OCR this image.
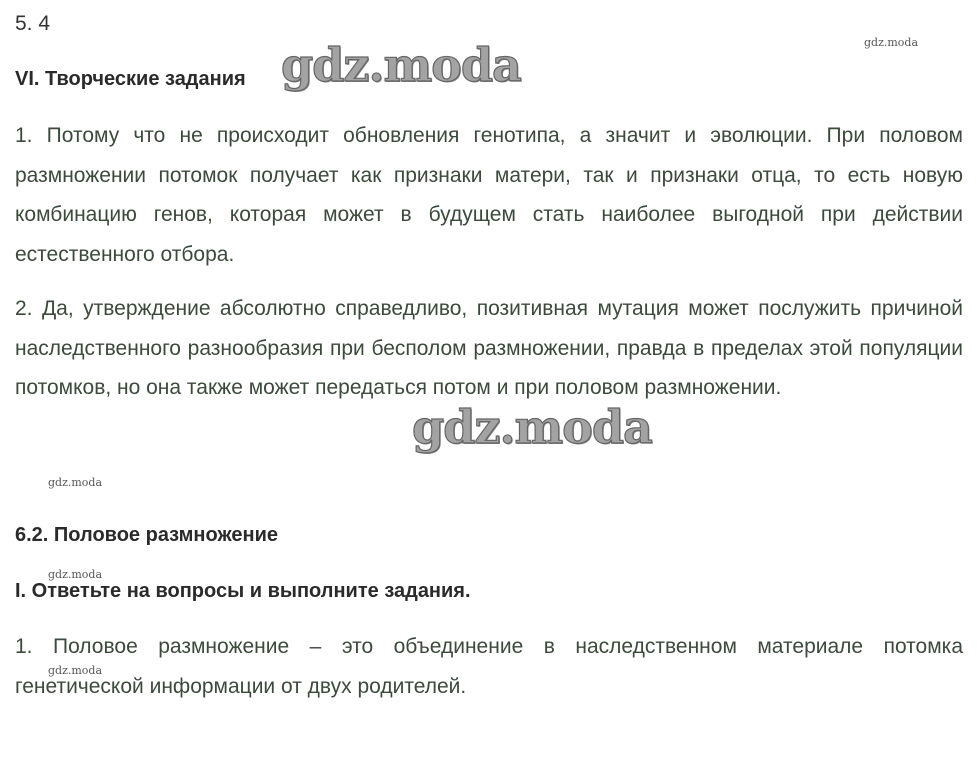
5. 4
VI. Творческие задания

1. Потому что не происходит обновления генотипа, а значит и эволюции. При половом размножении потомок получает как признаки матери, так и признаки отца, то есть новую комбинацию генов, которая может в будущем стать наиболее выгодной при действии естественного отбора.

2. Да, утверждение абсолютно справедливо, позитивная мутация может послужить причиной наследственного разнообразия при бесполом размножении, правда в пределах этой популяции потомков, но она также может передаться потом и при половом размножении.

6.2. Половое размножение
I. Ответьте на вопросы и выполните задания.

1. Половое размножение – это объединение в наследственном материале потомка генетической информации от двух родителей.

gdz.moda
gdz.moda
gdz.moda
gdz.moda
gdz.moda
gdz.moda
